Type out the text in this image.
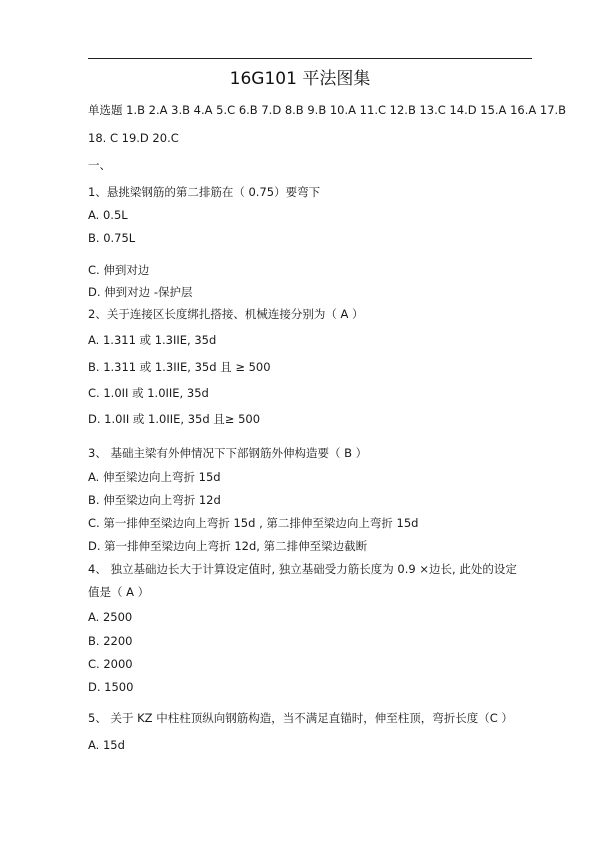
16G101 平法图集
单选题 1.B 2.A 3.B 4.A 5.C 6.B 7.D 8.B 9.B 10.A 11.C 12.B 13.C 14.D 15.A 16.A 17.B
18. C 19.D 20.C
一、
1、悬挑梁钢筋的第二排筋在（ 0.75）要弯下
A. 0.5L
B. 0.75L
C. 伸到对边
D. 伸到对边 -保护层
2、关于连接区长度绑扎搭接、机械连接分别为（ A ）
A. 1.311 或 1.3IIE, 35d
B. 1.311 或 1.3IIE, 35d 且 ≥ 500
C. 1.0II 或 1.0IIE, 35d
D. 1.0II 或 1.0IIE, 35d 且≥ 500
3、 基础主梁有外伸情况下下部钢筋外伸构造要（ B ）
A. 伸至梁边向上弯折 15d
B. 伸至梁边向上弯折 12d
C. 第一排伸至梁边向上弯折 15d , 第二排伸至梁边向上弯折 15d
D. 第一排伸至梁边向上弯折 12d, 第二排伸至梁边截断
4、 独立基础边长大于计算设定值时, 独立基础受力筋长度为 0.9 ×边长, 此处的设定
值是（ A ）
A. 2500
B. 2200
C. 2000
D. 1500
5、 关于 KZ 中柱柱顶纵向钢筋构造，当不满足直锚时，伸至柱顶，弯折长度（C ）
A. 15d
